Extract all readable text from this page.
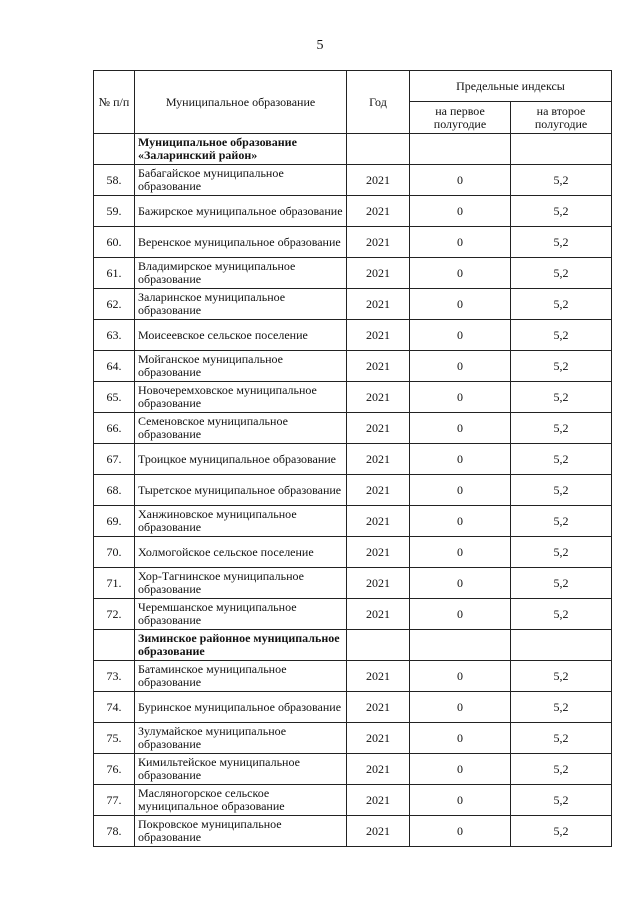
5
№ п/п	Муниципальное образование	Год	Предельные индексы	
			на первое полугодие	на второе полугодие
	Муниципальное образование «Заларинский район»			
58.	Бабагайское муниципальное образование	2021	0	5,2
59.	Бажирское муниципальное образование	2021	0	5,2
60.	Веренское муниципальное образование	2021	0	5,2
61.	Владимирское муниципальное образование	2021	0	5,2
62.	Заларинское муниципальное образование	2021	0	5,2
63.	Моисеевское сельское поселение	2021	0	5,2
64.	Мойганское муниципальное образование	2021	0	5,2
65.	Новочеремховское муниципальное образование	2021	0	5,2
66.	Семеновское муниципальное образование	2021	0	5,2
67.	Троицкое муниципальное образование	2021	0	5,2
68.	Тыретское муниципальное образование	2021	0	5,2
69.	Ханжиновское муниципальное образование	2021	0	5,2
70.	Холмогойское сельское поселение	2021	0	5,2
71.	Хор-Тагнинское муниципальное образование	2021	0	5,2
72.	Черемшанское муниципальное образование	2021	0	5,2
	Зиминское районное муниципальное образование			
73.	Батаминское муниципальное образование	2021	0	5,2
74.	Буринское муниципальное образование	2021	0	5,2
75.	Зулумайское муниципальное образование	2021	0	5,2
76.	Кимильтейское муниципальное образование	2021	0	5,2
77.	Масляногорское сельское муниципальное образование	2021	0	5,2
78.	Покровское муниципальное образование	2021	0	5,2
